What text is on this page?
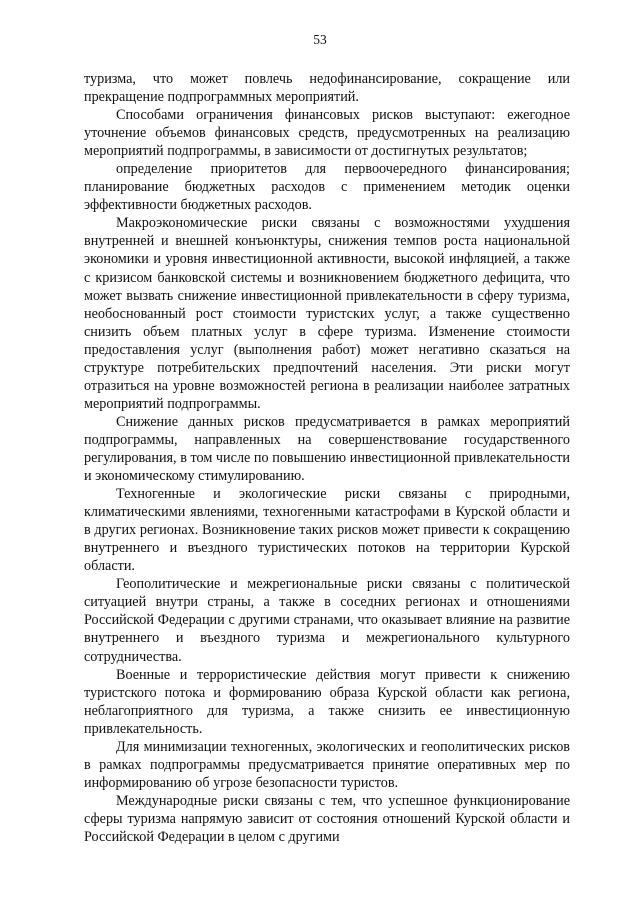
53

туризма, что может повлечь недофинансирование, сокращение или прекращение подпрограммных мероприятий.

Способами ограничения финансовых рисков выступают: ежегодное уточнение объемов финансовых средств, предусмотренных на реализацию мероприятий подпрограммы, в зависимости от достигнутых результатов;

определение приоритетов для первоочередного финансирования; планирование бюджетных расходов с применением методик оценки эффективности бюджетных расходов.

Макроэкономические риски связаны с возможностями ухудшения внутренней и внешней конъюнктуры, снижения темпов роста национальной экономики и уровня инвестиционной активности, высокой инфляцией, а также с кризисом банковской системы и возникновением бюджетного дефицита, что может вызвать снижение инвестиционной привлекательности в сферу туризма, необоснованный рост стоимости туристских услуг, а также существенно снизить объем платных услуг в сфере туризма. Изменение стоимости предоставления услуг (выполнения работ) может негативно сказаться на структуре потребительских предпочтений населения. Эти риски могут отразиться на уровне возможностей региона в реализации наиболее затратных мероприятий подпрограммы.

Снижение данных рисков предусматривается в рамках мероприятий подпрограммы, направленных на совершенствование государственного регулирования, в том числе по повышению инвестиционной привлекательности и экономическому стимулированию.

Техногенные и экологические риски связаны с природными, климатическими явлениями, техногенными катастрофами в Курской области и в других регионах. Возникновение таких рисков может привести к сокращению внутреннего и въездного туристических потоков на территории Курской области.

Геополитические и межрегиональные риски связаны с политической ситуацией внутри страны, а также в соседних регионах и отношениями Российской Федерации с другими странами, что оказывает влияние на развитие внутреннего и въездного туризма и межрегионального культурного сотрудничества.

Военные и террористические действия могут привести к снижению туристского потока и формированию образа Курской области как региона, неблагоприятного для туризма, а также снизить ее инвестиционную привлекательность.

Для минимизации техногенных, экологических и геополитических рисков в рамках подпрограммы предусматривается принятие оперативных мер по информированию об угрозе безопасности туристов.

Международные риски связаны с тем, что успешное функционирование сферы туризма напрямую зависит от состояния отношений Курской области и Российской Федерации в целом с другими
